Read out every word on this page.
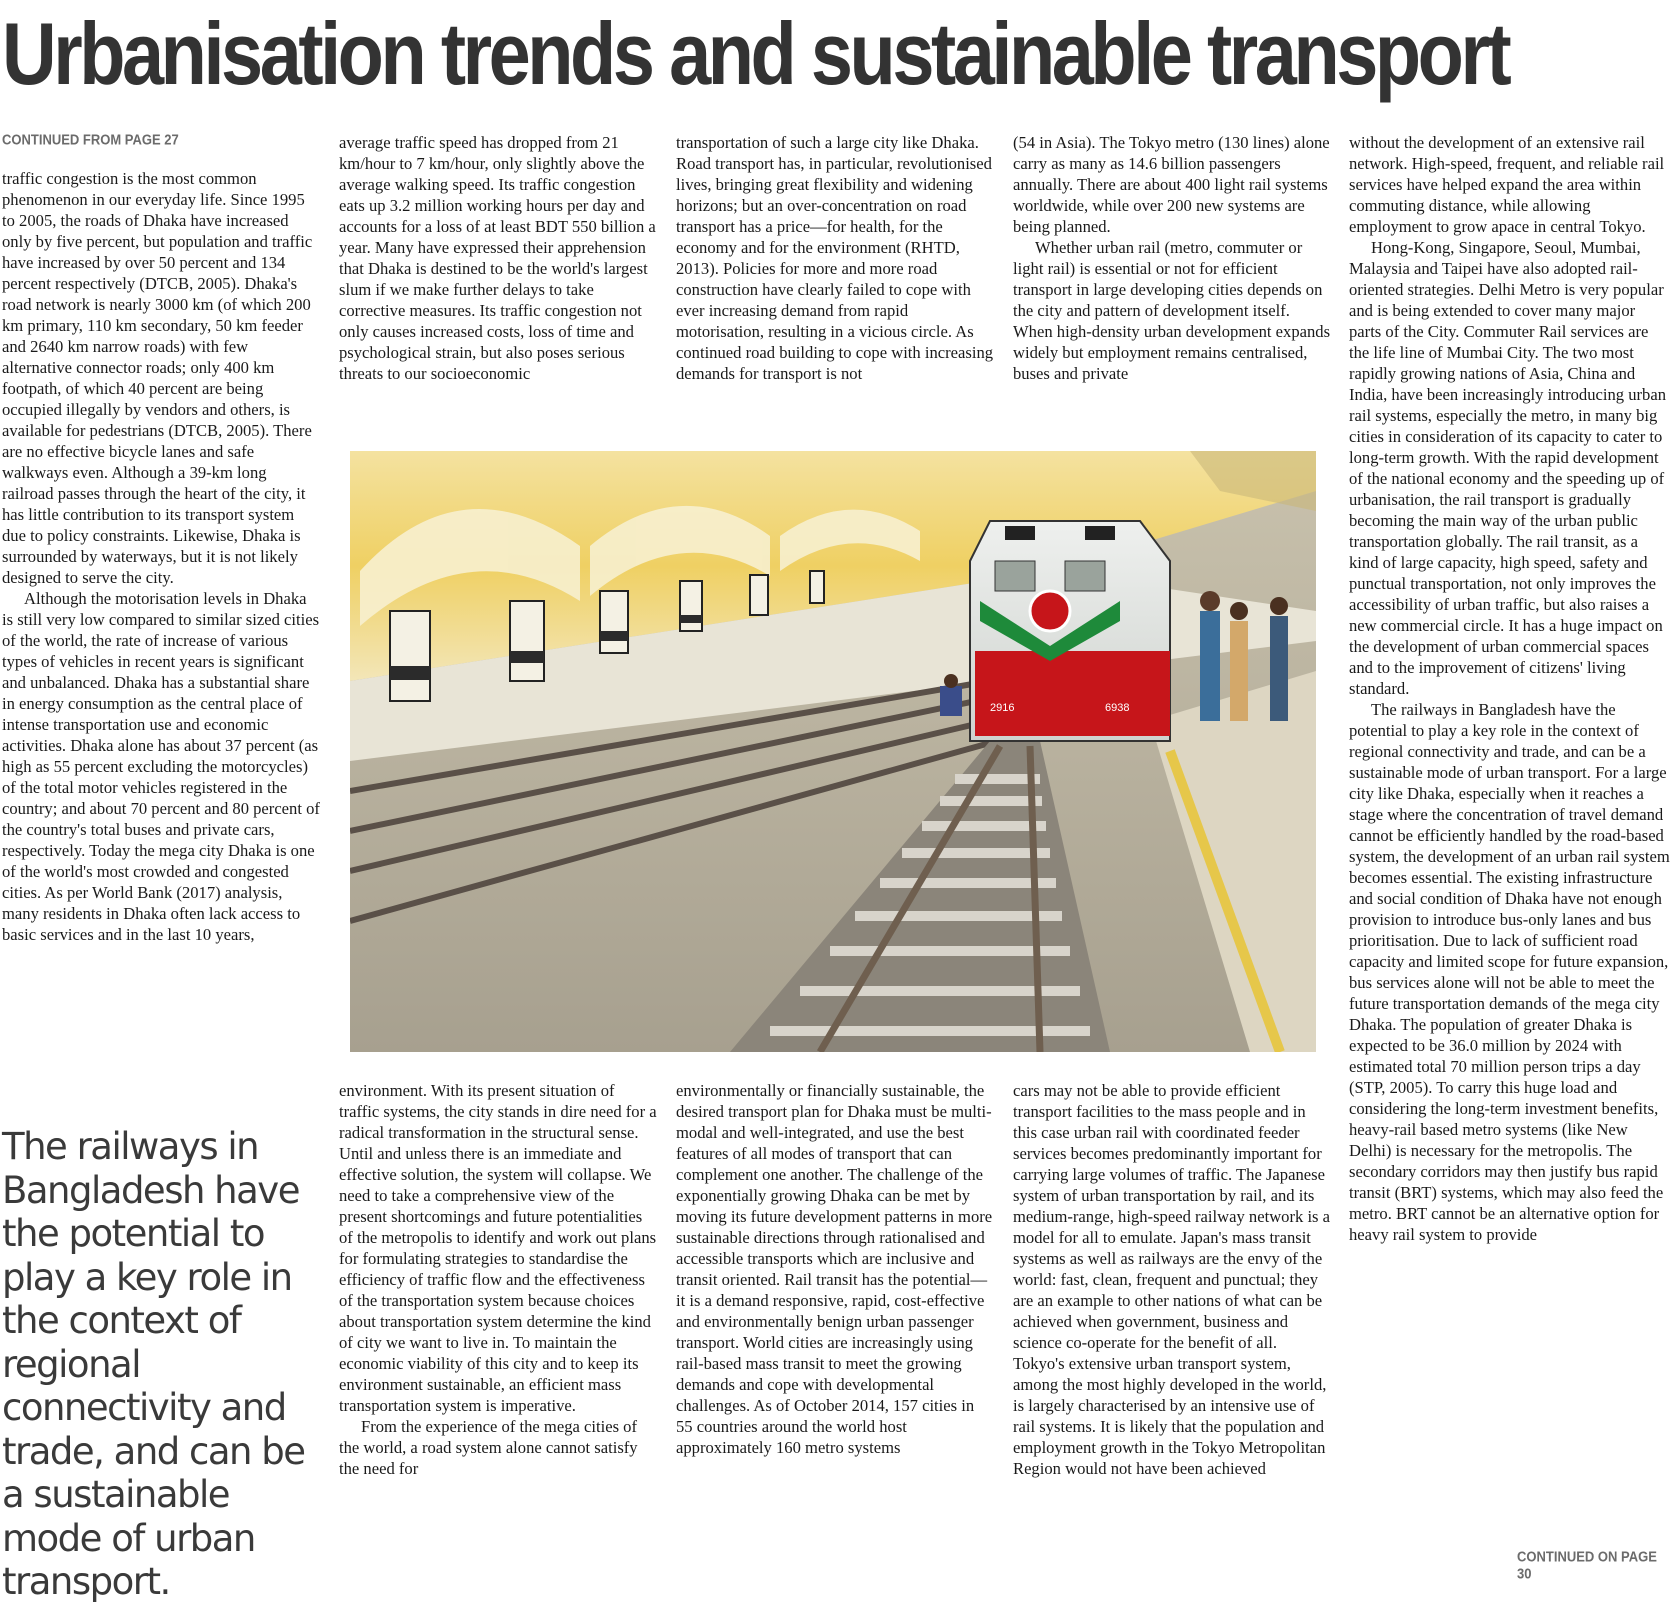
Urbanisation trends and sustainable transport
CONTINUED FROM PAGE 27

traffic congestion is the most common phenomenon in our everyday life. Since 1995 to 2005, the roads of Dhaka have increased only by five percent, but population and traffic have increased by over 50 percent and 134 percent respectively (DTCB, 2005). Dhaka's road network is nearly 3000 km (of which 200 km primary, 110 km secondary, 50 km feeder and 2640 km narrow roads) with few alternative connector roads; only 400 km footpath, of which 40 percent are being occupied illegally by vendors and others, is available for pedestrians (DTCB, 2005). There are no effective bicycle lanes and safe walkways even. Although a 39-km long railroad passes through the heart of the city, it has little contribution to its transport system due to policy constraints. Likewise, Dhaka is surrounded by waterways, but it is not likely designed to serve the city.

Although the motorisation levels in Dhaka is still very low compared to similar sized cities of the world, the rate of increase of various types of vehicles in recent years is significant and unbalanced. Dhaka has a substantial share in energy consumption as the central place of intense transportation use and economic activities. Dhaka alone has about 37 percent (as high as 55 percent excluding the motorcycles) of the total motor vehicles registered in the country; and about 70 percent and 80 percent of the country's total buses and private cars, respectively. Today the mega city Dhaka is one of the world's most crowded and congested cities. As per World Bank (2017) analysis, many residents in Dhaka often lack access to basic services and in the last 10 years,

average traffic speed has dropped from 21 km/hour to 7 km/hour, only slightly above the average walking speed. Its traffic congestion eats up 3.2 million working hours per day and accounts for a loss of at least BDT 550 billion a year. Many have expressed their apprehension that Dhaka is destined to be the world's largest slum if we make further delays to take corrective measures. Its traffic congestion not only causes increased costs, loss of time and psychological strain, but also poses serious threats to our socioeconomic

transportation of such a large city like Dhaka. Road transport has, in particular, revolutionised lives, bringing great flexibility and widening horizons; but an over-concentration on road transport has a price—for health, for the economy and for the environment (RHTD, 2013). Policies for more and more road construction have clearly failed to cope with ever increasing demand from rapid motorisation, resulting in a vicious circle. As continued road building to cope with increasing demands for transport is not

(54 in Asia). The Tokyo metro (130 lines) alone carry as many as 14.6 billion passengers annually. There are about 400 light rail systems worldwide, while over 200 new systems are being planned.

Whether urban rail (metro, commuter or light rail) is essential or not for efficient transport in large developing cities depends on the city and pattern of development itself. When high-density urban development expands widely but employment remains centralised, buses and private

without the development of an extensive rail network. High-speed, frequent, and reliable rail services have helped expand the area within commuting distance, while allowing employment to grow apace in central Tokyo.

Hong-Kong, Singapore, Seoul, Mumbai, Malaysia and Taipei have also adopted rail-oriented strategies. Delhi Metro is very popular and is being extended to cover many major parts of the City. Commuter Rail services are the life line of Mumbai City. The two most rapidly growing nations of Asia, China and India, have been increasingly introducing urban rail systems, especially the metro, in many big cities in consideration of its capacity to cater to long-term growth. With the rapid development of the national economy and the speeding up of urbanisation, the rail transport is gradually becoming the main way of the urban public transportation globally. The rail transit, as a kind of large capacity, high speed, safety and punctual transportation, not only improves the accessibility of urban traffic, but also raises a new commercial circle. It has a huge impact on the development of urban commercial spaces and to the improvement of citizens' living standard.

The railways in Bangladesh have the potential to play a key role in the context of regional connectivity and trade, and can be a sustainable mode of urban transport. For a large city like Dhaka, especially when it reaches a stage where the concentration of travel demand cannot be efficiently handled by the road-based system, the development of an urban rail system becomes essential. The existing infrastructure and social condition of Dhaka have not enough provision to introduce bus-only lanes and bus prioritisation. Due to lack of sufficient road capacity and limited scope for future expansion, bus services alone will not be able to meet the future transportation demands of the mega city Dhaka. The population of greater Dhaka is expected to be 36.0 million by 2024 with estimated total 70 million person trips a day (STP, 2005). To carry this huge load and considering the long-term investment benefits, heavy-rail based metro systems (like New Delhi) is necessary for the metropolis. The secondary corridors may then justify bus rapid transit (BRT) systems, which may also feed the metro. BRT cannot be an alternative option for heavy rail system to provide

2916	6938

environment. With its present situation of traffic systems, the city stands in dire need for a radical transformation in the structural sense. Until and unless there is an immediate and effective solution, the system will collapse. We need to take a comprehensive view of the present shortcomings and future potentialities of the metropolis to identify and work out plans for formulating strategies to standardise the efficiency of traffic flow and the effectiveness of the transportation system because choices about transportation system determine the kind of city we want to live in. To maintain the economic viability of this city and to keep its environment sustainable, an efficient mass transportation system is imperative.

From the experience of the mega cities of the world, a road system alone cannot satisfy the need for

environmentally or financially sustainable, the desired transport plan for Dhaka must be multi-modal and well-integrated, and use the best features of all modes of transport that can complement one another. The challenge of the exponentially growing Dhaka can be met by moving its future development patterns in more sustainable directions through rationalised and accessible transports which are inclusive and transit oriented. Rail transit has the potential—it is a demand responsive, rapid, cost-effective and environmentally benign urban passenger transport. World cities are increasingly using rail-based mass transit to meet the growing demands and cope with developmental challenges. As of October 2014, 157 cities in 55 countries around the world host approximately 160 metro systems

cars may not be able to provide efficient transport facilities to the mass people and in this case urban rail with coordinated feeder services becomes predominantly important for carrying large volumes of traffic. The Japanese system of urban transportation by rail, and its medium-range, high-speed railway network is a model for all to emulate. Japan's mass transit systems as well as railways are the envy of the world: fast, clean, frequent and punctual; they are an example to other nations of what can be achieved when government, business and science co-operate for the benefit of all. Tokyo's extensive urban transport system, among the most highly developed in the world, is largely characterised by an intensive use of rail systems. It is likely that the population and employment growth in the Tokyo Metropolitan Region would not have been achieved

The railways in Bangladesh have the potential to play a key role in the context of regional connectivity and trade, and can be a sustainable mode of urban transport.
CONTINUED ON PAGE 30
